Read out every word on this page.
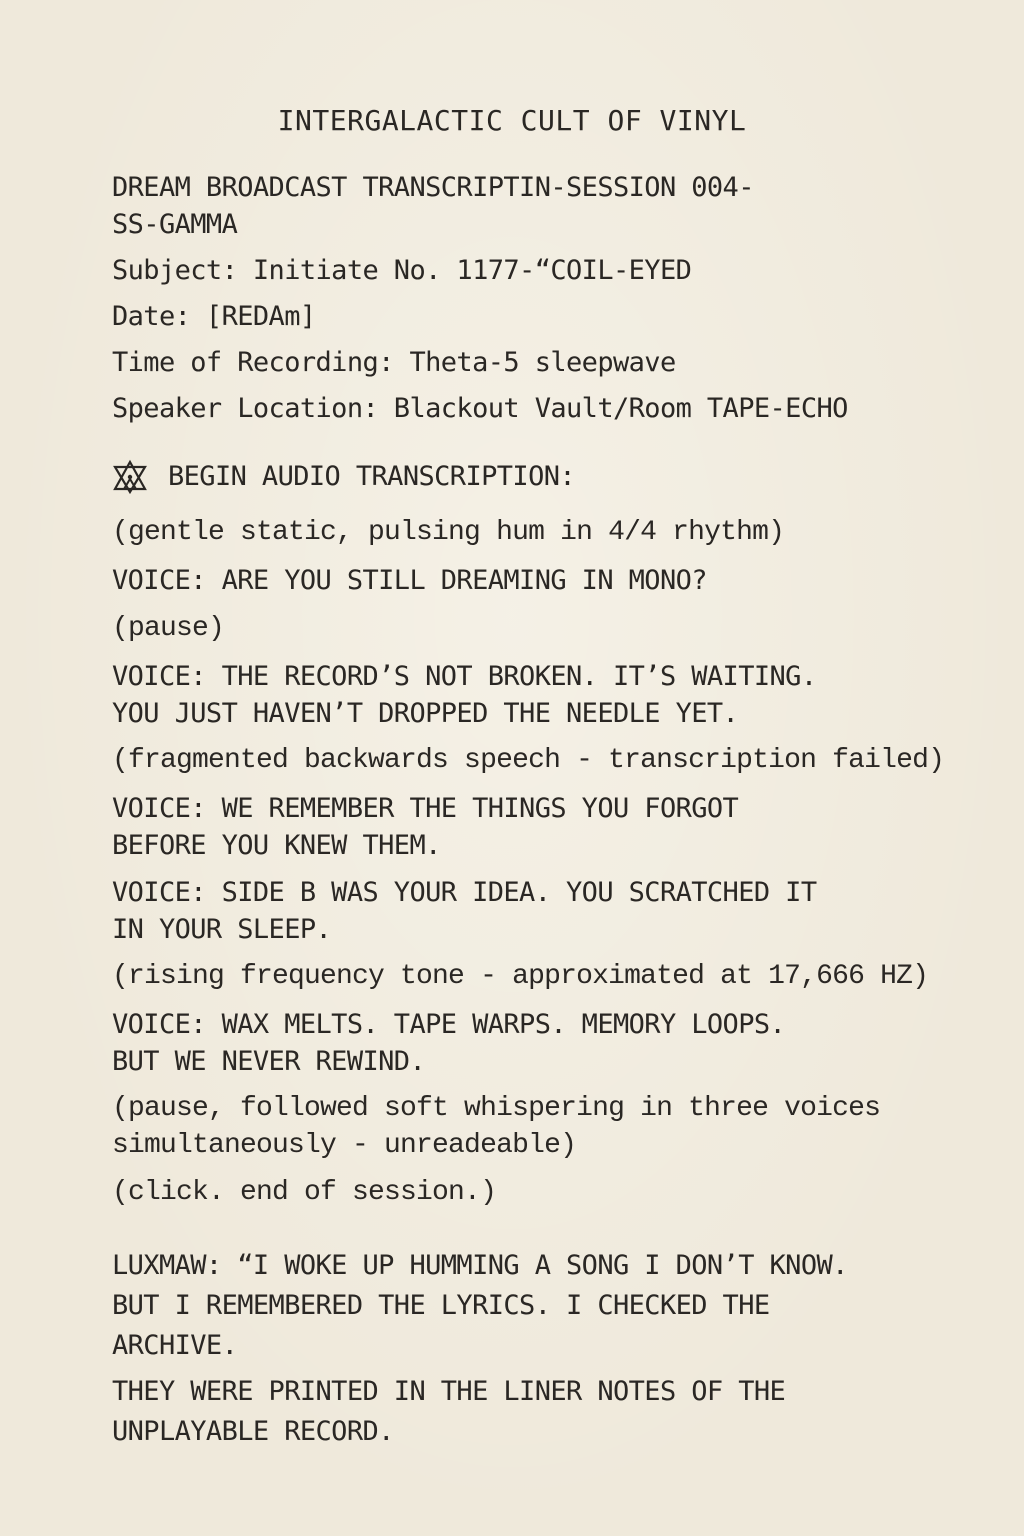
INTERGALACTIC CULT OF VINYL
DREAM BROADCAST TRANSCRIPTIN-SESSION 004-
SS-GAMMA
Subject: Initiate No. 1177-“COIL-EYED
Date: [REDAm]
Time of Recording: Theta-5 sleepwave
Speaker Location: Blackout Vault/Room TAPE-ECHO
BEGIN AUDIO TRANSCRIPTION:
(gentle static, pulsing hum in 4/4 rhythm)
VOICE: ARE YOU STILL DREAMING IN MONO?
(pause)
VOICE: THE RECORD’S NOT BROKEN. IT’S WAITING.
YOU JUST HAVEN’T DROPPED THE NEEDLE YET.
(fragmented backwards speech - transcription failed)
VOICE: WE REMEMBER THE THINGS YOU FORGOT
BEFORE YOU KNEW THEM.
VOICE: SIDE B WAS YOUR IDEA. YOU SCRATCHED IT
IN YOUR SLEEP.
(rising frequency tone - approximated at 17,666 HZ)
VOICE: WAX MELTS. TAPE WARPS. MEMORY LOOPS.
BUT WE NEVER REWIND.
(pause, followed soft whispering in three voices
simultaneously - unreadeable)
(click. end of session.)
LUXMAW: “I WOKE UP HUMMING A SONG I DON’T KNOW.
BUT I REMEMBERED THE LYRICS. I CHECKED THE
ARCHIVE.
THEY WERE PRINTED IN THE LINER NOTES OF THE
UNPLAYABLE RECORD.
